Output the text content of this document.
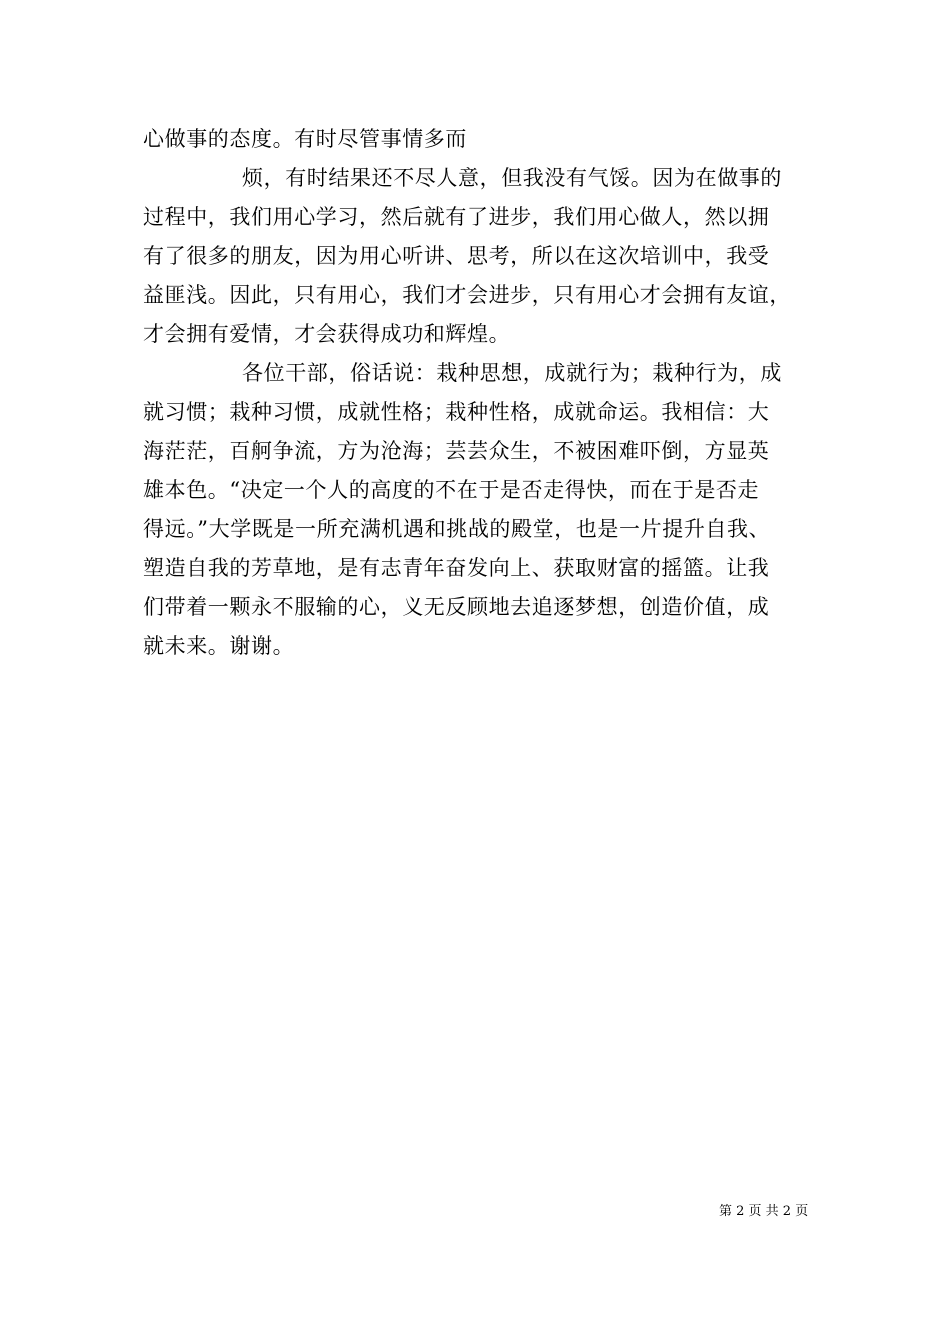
心做事的态度。有时尽管事情多而
烦，有时结果还不尽人意，但我没有气馁。因为在做事的
过程中，我们用心学习，然后就有了进步，我们用心做人，然以拥
有了很多的朋友，因为用心听讲、思考，所以在这次培训中，我受
益匪浅。因此，只有用心，我们才会进步，只有用心才会拥有友谊，
才会拥有爱情，才会获得成功和辉煌。
各位干部，俗话说：栽种思想，成就行为；栽种行为，成
就习惯；栽种习惯，成就性格；栽种性格，成就命运。我相信：大
海茫茫，百舸争流，方为沧海；芸芸众生，不被困难吓倒，方显英
雄本色。“决定一个人的高度的不在于是否走得快，而在于是否走
得远。”大学既是一所充满机遇和挑战的殿堂，也是一片提升自我、
塑造自我的芳草地，是有志青年奋发向上、获取财富的摇篮。让我
们带着一颗永不服输的心，义无反顾地去追逐梦想，创造价值，成
就未来。谢谢。
第 2 页 共 2 页
